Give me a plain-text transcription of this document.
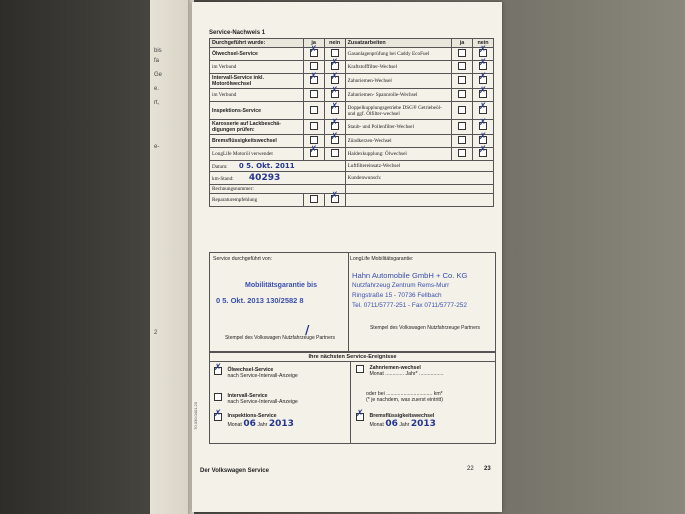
bis
fa
Ge
e.
rt,
e-
2
Service-Nachweis 1
Durchgeführt wurde:	ja	nein	Zusatzarbeiten	ja	nein
Ölwechsel-Service	✗		Gasanlagenprüfung bei Caddy EcoFuel		✗
im Verbund		✗	Kraftstofffilter-Wechsel		✗
Intervall-Service inkl. Motorölwechsel	✗	✗	Zahnriemen-Wechsel		✗
im Verbund		✗	Zahnriemen- Spannrolle-Wechsel		✗
Inspektions-Service		✗	Doppelkupplungsgetriebe DSG® Getriebeöl- und ggf. Ölfilter-wechsel		✗
Karosserie auf Lackbeschä-digungen prüfen:		✗	Staub- und Pollenfilter-Wechsel		✗
Bremsflüssigkeitswechsel		✗	Zündkerzen-Wechsel		✗
LongLife Motoröl verwendet	✗		Haldexkupplung: Ölwechsel		✗
Datum: 0 5. Okt. 2011			Luftfiltereinsatz-Wechsel		
km-Stand: 40293			Kundenwunsch:		
Rechnungsnummer:					
Reparaturempfehlung		✗	
Service durchgeführt von:	LongLife Mobilitätsgarantie:
Mobilitätsgarantie bis
0 5. Okt. 2013 130/2582 8
Hahn Automobile GmbH + Co. KG
Nutzfahrzeug Zentrum Rems-Murr
Ringstraße 15 - 70736 Fellbach
Tel. 0711/5777-251 - Fax 0711/5777-252
Stempel des Volkswagen Nutzfahrzeuge Partners
Stempel des Volkswagen Nutzfahrzeuge Partners
/
Ihre nächsten Service-Ereignisse
✗ Ölwechsel-Service
nach Service-Intervall-Anzeige
Intervall-Service
nach Service-Intervall-Anzeige
✗ Inspektions-Service
Monat 06 Jahr 2013
Zahnriemen-wechsel
Monat ............. Jahr* .................
oder bei ................................ km*
(* je nachdem, was zuerst eintritt)
✗ Bremsflüssigkeitswechsel
Monat 06 Jahr 2013
70.030.0401.20
Der Volkswagen Service	22 23
